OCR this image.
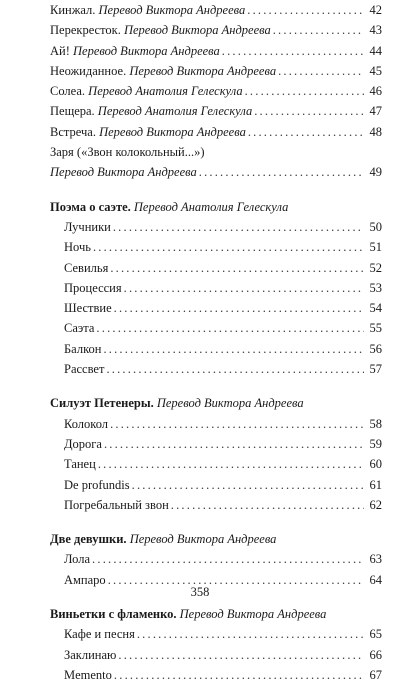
Кинжал. Перевод Виктора Андреева .....	42
Перекресток. Перевод Виктора Андреева .....	43
Ай! Перевод Виктора Андреева .....	44
Неожиданное. Перевод Виктора Андреева .....	45
Солеа. Перевод Анатолия Гелескула .....	46
Пещера. Перевод Анатолия Гелескула .....	47
Встреча. Перевод Виктора Андреева .....	48
Заря («Звон колокольный...»)
Перевод Виктора Андреева .....	49
Поэма о саэте. Перевод Анатолия Гелескула
Лучники .....	50
Ночь .....	51
Севилья .....	52
Процессия .....	53
Шествие .....	54
Саэта .....	55
Балкон .....	56
Рассвет .....	57
Силуэт Петенеры. Перевод Виктора Андреева
Колокол .....	58
Дорога .....	59
Танец .....	60
De profundis .....	61
Погребальный звон .....	62
Две девушки. Перевод Виктора Андреева
Лола .....	63
Ампаро .....	64
Виньетки с фламенко. Перевод Виктора Андреева
Кафе и песня .....	65
Заклинаю .....	66
Memento .....	67
358
